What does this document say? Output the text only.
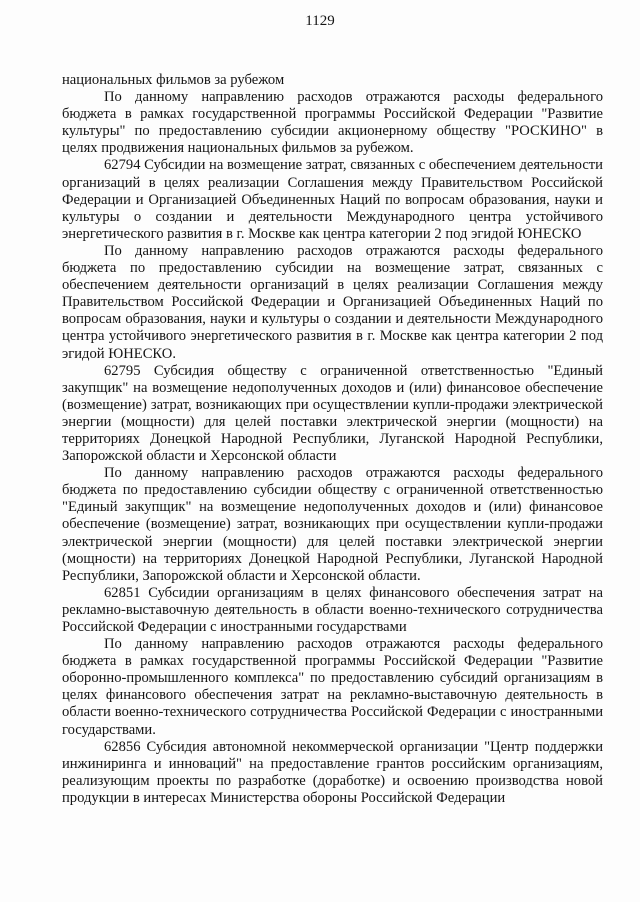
1129

национальных фильмов за рубежом

По данному направлению расходов отражаются расходы федерального бюджета в рамках государственной программы Российской Федерации "Развитие культуры" по предоставлению субсидии акционерному обществу "РОСКИНО" в целях продвижения национальных фильмов за рубежом.

62794 Субсидии на возмещение затрат, связанных с обеспечением деятельности организаций в целях реализации Соглашения между Правительством Российской Федерации и Организацией Объединенных Наций по вопросам образования, науки и культуры о создании и деятельности Международного центра устойчивого энергетического развития в г. Москве как центра категории 2 под эгидой ЮНЕСКО

По данному направлению расходов отражаются расходы федерального бюджета по предоставлению субсидии на возмещение затрат, связанных с обеспечением деятельности организаций в целях реализации Соглашения между Правительством Российской Федерации и Организацией Объединенных Наций по вопросам образования, науки и культуры о создании и деятельности Международного центра устойчивого энергетического развития в г. Москве как центра категории 2 под эгидой ЮНЕСКО.

62795 Субсидия обществу с ограниченной ответственностью "Единый закупщик" на возмещение недополученных доходов и (или) финансовое обеспечение (возмещение) затрат, возникающих при осуществлении купли-продажи электрической энергии (мощности) для целей поставки электрической энергии (мощности) на территориях Донецкой Народной Республики, Луганской Народной Республики, Запорожской области и Херсонской области

По данному направлению расходов отражаются расходы федерального бюджета по предоставлению субсидии обществу с ограниченной ответственностью "Единый закупщик" на возмещение недополученных доходов и (или) финансовое обеспечение (возмещение) затрат, возникающих при осуществлении купли-продажи электрической энергии (мощности) для целей поставки электрической энергии (мощности) на территориях Донецкой Народной Республики, Луганской Народной Республики, Запорожской области и Херсонской области.

62851 Субсидии организациям в целях финансового обеспечения затрат на рекламно-выставочную деятельность в области военно-технического сотрудничества Российской Федерации с иностранными государствами

По данному направлению расходов отражаются расходы федерального бюджета в рамках государственной программы Российской Федерации "Развитие оборонно-промышленного комплекса" по предоставлению субсидий организациям в целях финансового обеспечения затрат на рекламно-выставочную деятельность в области военно-технического сотрудничества Российской Федерации с иностранными государствами.

62856 Субсидия автономной некоммерческой организации "Центр поддержки инжиниринга и инноваций" на предоставление грантов российским организациям, реализующим проекты по разработке (доработке) и освоению производства новой продукции в интересах Министерства обороны Российской Федерации
